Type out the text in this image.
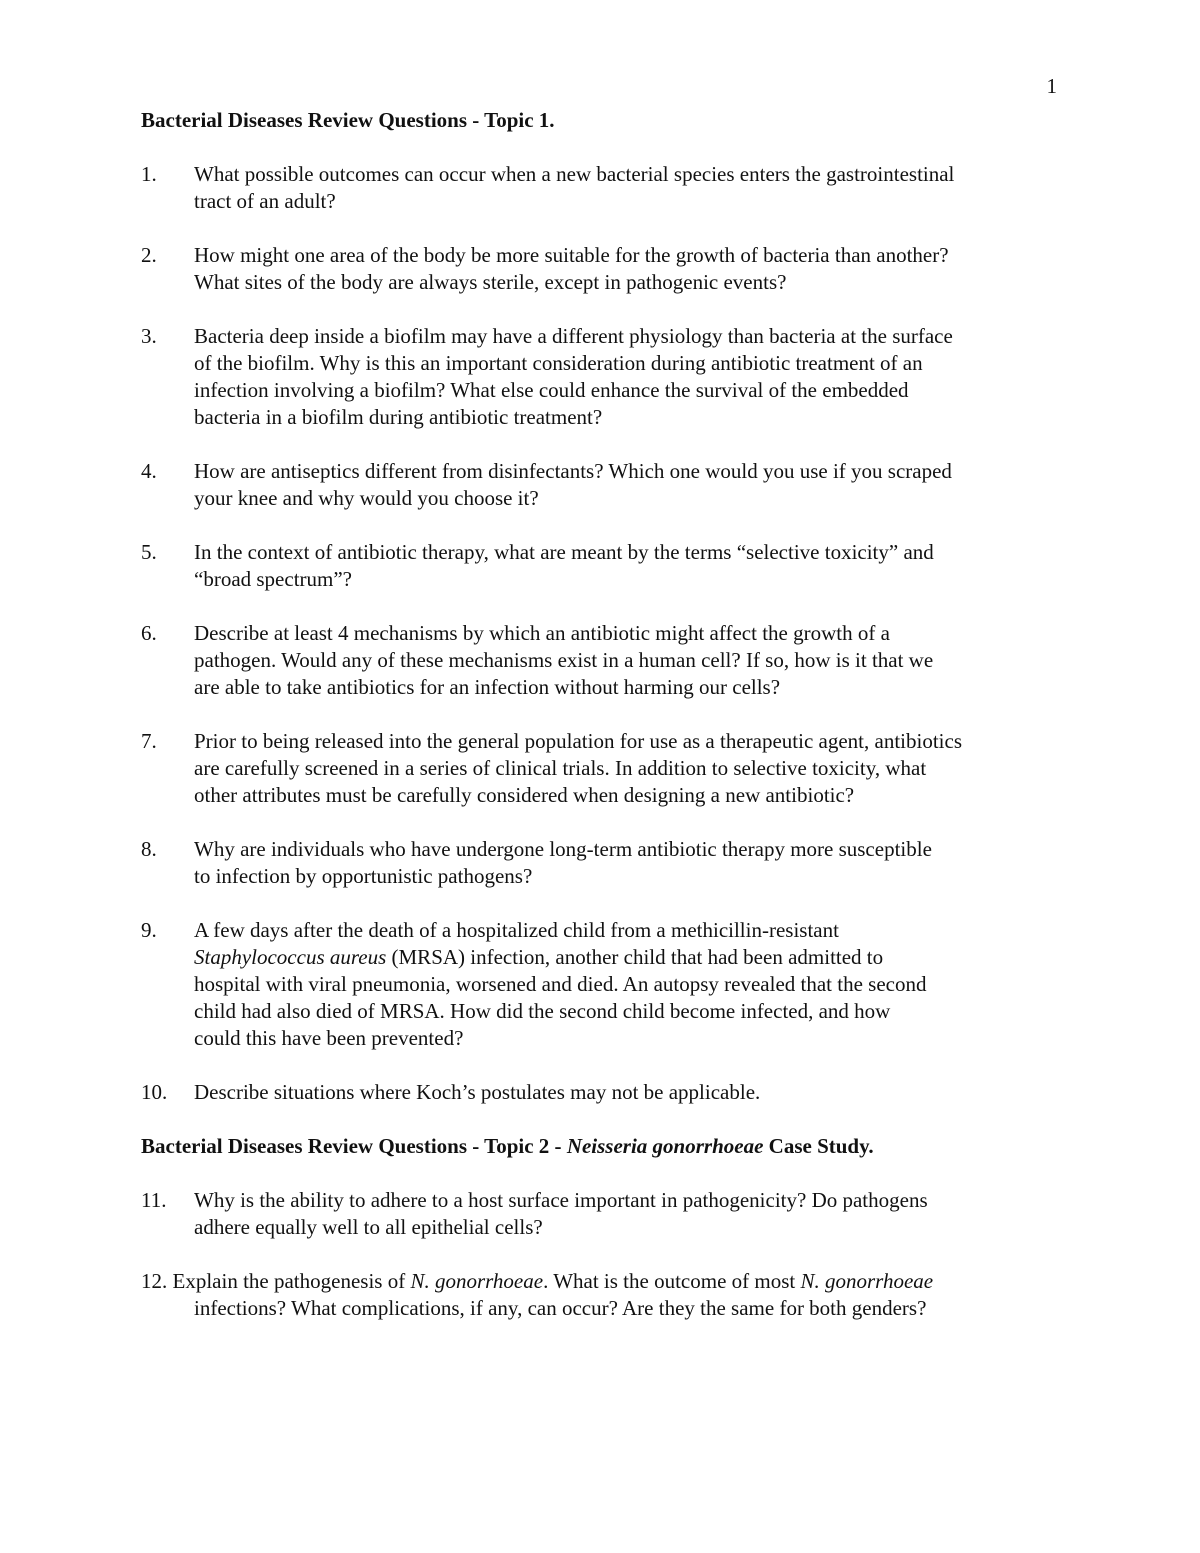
1
Bacterial Diseases Review Questions - Topic 1.
1. What possible outcomes can occur when a new bacterial species enters the gastrointestinal
tract of an adult?
2. How might one area of the body be more suitable for the growth of bacteria than another?
What sites of the body are always sterile, except in pathogenic events?
3. Bacteria deep inside a biofilm may have a different physiology than bacteria at the surface
of the biofilm. Why is this an important consideration during antibiotic treatment of an
infection involving a biofilm? What else could enhance the survival of the embedded
bacteria in a biofilm during antibiotic treatment?
4. How are antiseptics different from disinfectants? Which one would you use if you scraped
your knee and why would you choose it?
5. In the context of antibiotic therapy, what are meant by the terms “selective toxicity” and
“broad spectrum”?
6. Describe at least 4 mechanisms by which an antibiotic might affect the growth of a
pathogen. Would any of these mechanisms exist in a human cell? If so, how is it that we
are able to take antibiotics for an infection without harming our cells?
7. Prior to being released into the general population for use as a therapeutic agent, antibiotics
are carefully screened in a series of clinical trials. In addition to selective toxicity, what
other attributes must be carefully considered when designing a new antibiotic?
8. Why are individuals who have undergone long-term antibiotic therapy more susceptible
to infection by opportunistic pathogens?
9. A few days after the death of a hospitalized child from a methicillin-resistant
Staphylococcus aureus (MRSA) infection, another child that had been admitted to
hospital with viral pneumonia, worsened and died. An autopsy revealed that the second
child had also died of MRSA. How did the second child become infected, and how
could this have been prevented?
10. Describe situations where Koch’s postulates may not be applicable.
Bacterial Diseases Review Questions - Topic 2 - Neisseria gonorrhoeae Case Study.
11. Why is the ability to adhere to a host surface important in pathogenicity? Do pathogens
adhere equally well to all epithelial cells?
12. Explain the pathogenesis of N. gonorrhoeae. What is the outcome of most N. gonorrhoeae
infections? What complications, if any, can occur? Are they the same for both genders?
